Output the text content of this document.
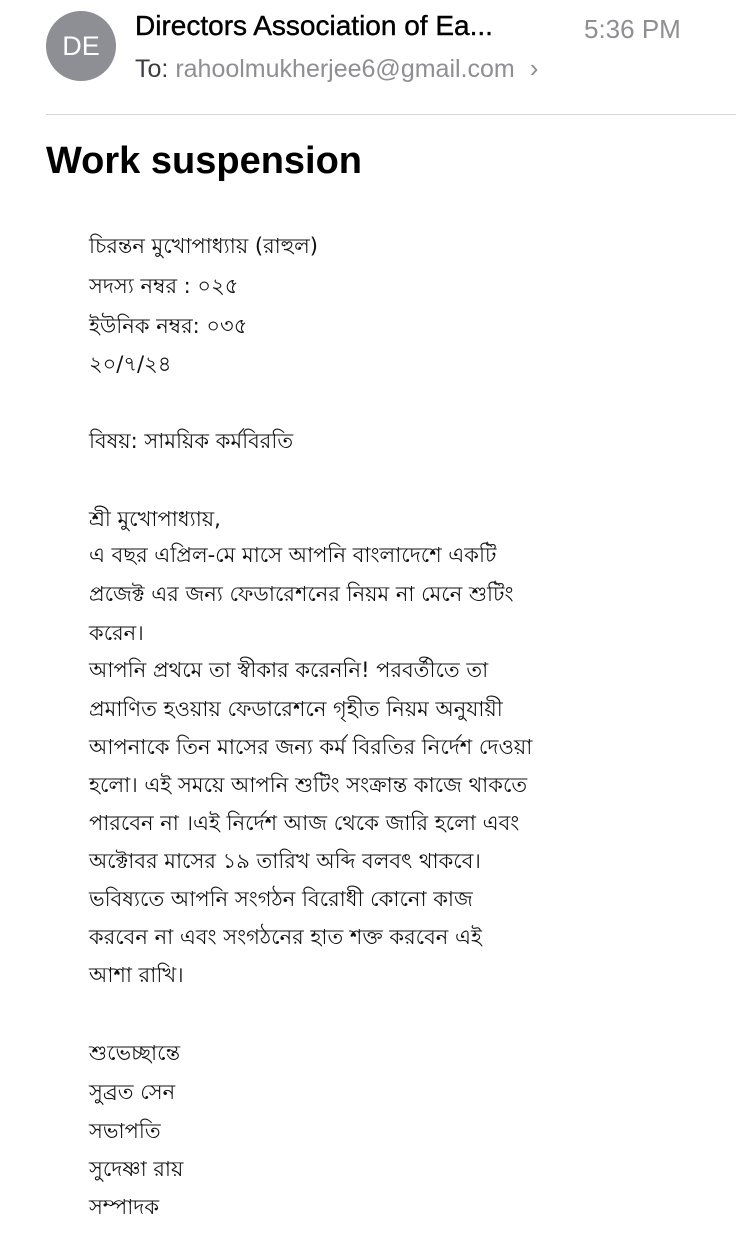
DE
Directors Association of Ea...	5:36 PM
To: rahoolmukherjee6@gmail.com ›
Work suspension
চিরন্তন মুখোপাধ্যায় (রাহুল)
সদস্য নম্বর : ০২৫
ইউনিক নম্বর: ০৩৫
২০/৭/২৪
বিষয়: সাময়িক কর্মবিরতি
শ্রী মুখোপাধ্যায়,
এ বছর এপ্রিল-মে মাসে আপনি বাংলাদেশে একটি
প্রজেক্ট এর জন্য ফেডারেশনের নিয়ম না মেনে শুটিং
করেন।
আপনি প্রথমে তা স্বীকার করেননি! পরবর্তীতে তা
প্রমাণিত হওয়ায় ফেডারেশনে গৃহীত নিয়ম অনুযায়ী
আপনাকে তিন মাসের জন্য কর্ম বিরতির নির্দেশ দেওয়া
হলো। এই সময়ে আপনি শুটিং সংক্রান্ত কাজে থাকতে
পারবেন না ।এই নির্দেশ আজ থেকে জারি হলো এবং
অক্টোবর মাসের ১৯ তারিখ অব্দি বলবৎ থাকবে।
ভবিষ্যতে আপনি সংগঠন বিরোধী কোনো কাজ
করবেন না এবং সংগঠনের হাত শক্ত করবেন এই
আশা রাখি।
শুভেচ্ছান্তে
সুব্রত সেন
সভাপতি
সুদেষ্ণা রায়
সম্পাদক
